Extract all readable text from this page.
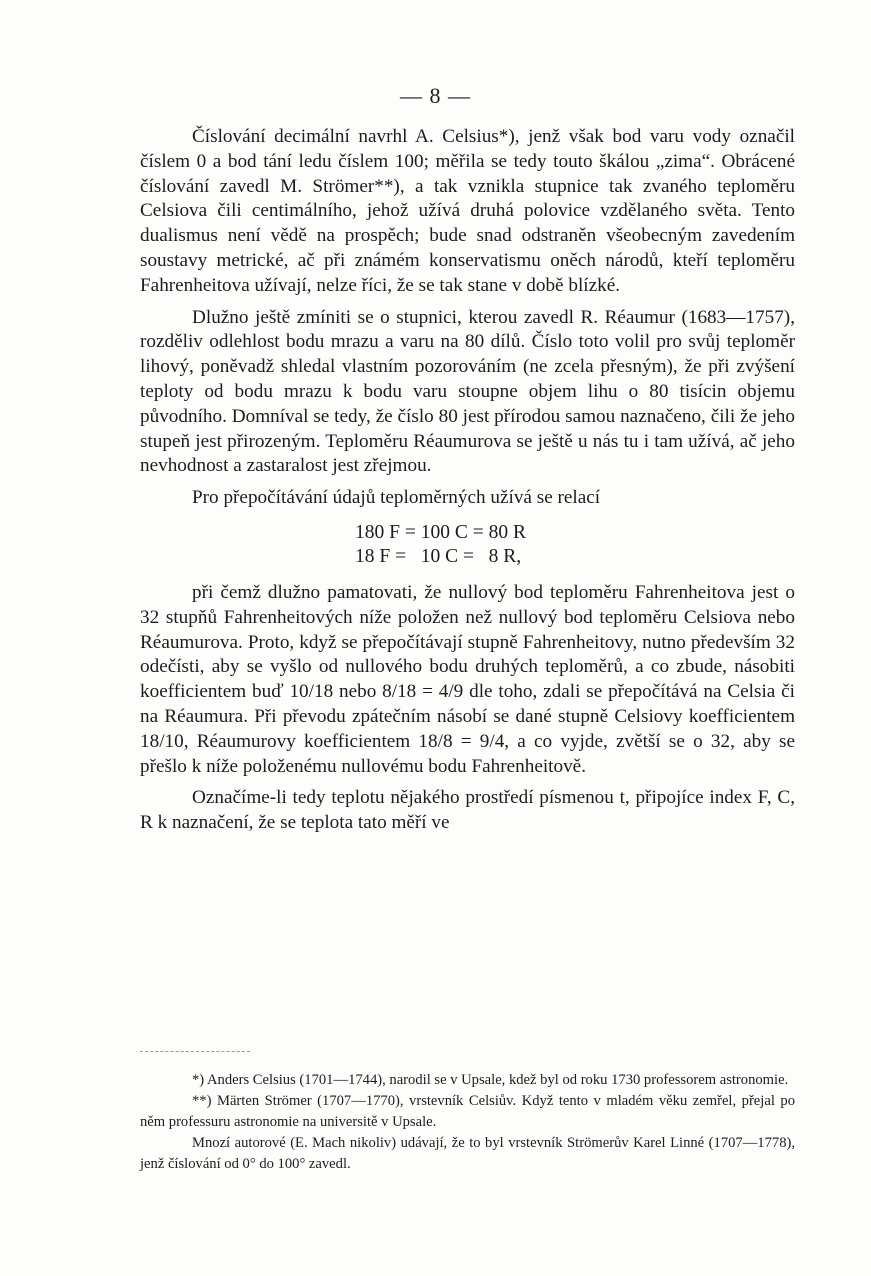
— 8 —

Číslování decimální navrhl A. Celsius*), jenž však bod varu vody označil číslem 0 a bod tání ledu číslem 100; měřila se tedy touto škálou „zima“. Obrácené číslování zavedl M. Strömer**), a tak vznikla stupnice tak zvaného teploměru Celsiova čili centimálního, jehož užívá druhá polovice vzdělaného světa. Tento dualismus není vědě na prospěch; bude snad odstraněn všeobecným zavedením soustavy metrické, ač při známém konservatismu oněch národů, kteří teploměru Fahrenheitova užívají, nelze říci, že se tak stane v době blízké.

Dlužno ještě zmíniti se o stupnici, kterou zavedl R. Réaumur (1683—1757), rozděliv odlehlost bodu mrazu a varu na 80 dílů. Číslo toto volil pro svůj teploměr lihový, poněvadž shledal vlastním pozorováním (ne zcela přesným), že při zvýšení teploty od bodu mrazu k bodu varu stoupne objem lihu o 80 tisícin objemu původního. Domníval se tedy, že číslo 80 jest přírodou samou naznačeno, čili že jeho stupeň jest přirozeným. Teploměru Réaumurova se ještě u nás tu i tam užívá, ač jeho nevhodnost a zastaralost jest zřejmou.

Pro přepočítávání údajů teploměrných užívá se relací

180 F = 100 C = 80 R
18 F =   10 C =   8 R,

při čemž dlužno pamatovati, že nullový bod teploměru Fahrenheitova jest o 32 stupňů Fahrenheitových níže položen než nullový bod teploměru Celsiova nebo Réaumurova. Proto, když se přepočítávají stupně Fahrenheitovy, nutno především 32 odečísti, aby se vyšlo od nullového bodu druhých teploměrů, a co zbude, násobiti koefficientem buď 10/18 nebo 8/18 = 4/9 dle toho, zdali se přepočítává na Celsia či na Réaumura. Při převodu zpátečním násobí se dané stupně Celsiovy koefficientem 18/10, Réaumurovy koefficientem 18/8 = 9/4, a co vyjde, zvětší se o 32, aby se přešlo k níže položenému nullovému bodu Fahrenheitově.

Označíme-li tedy teplotu nějakého prostředí písmenou t, připojíce index F, C, R k naznačení, že se teplota tato měří ve

*) Anders Celsius (1701—1744), narodil se v Upsale, kdež byl od roku 1730 professorem astronomie.

**) Märten Strömer (1707—1770), vrstevník Celsiův. Když tento v mladém věku zemřel, přejal po něm professuru astronomie na universitě v Upsale.

Mnozí autorové (E. Mach nikoliv) udávají, že to byl vrstevník Strömerův Karel Linné (1707—1778), jenž číslování od 0° do 100° zavedl.
